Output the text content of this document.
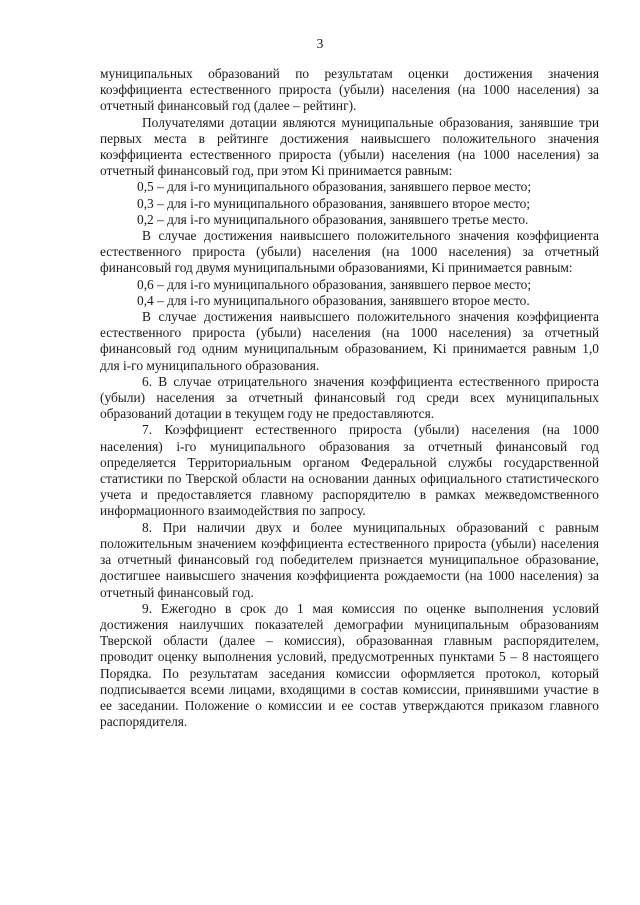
3

муниципальных образований по результатам оценки достижения значения коэффициента естественного прироста (убыли) населения (на 1000 населения) за отчетный финансовый год (далее – рейтинг).

Получателями дотации являются муниципальные образования, занявшие три первых места в рейтинге достижения наивысшего положительного значения коэффициента естественного прироста (убыли) населения (на 1000 населения) за отчетный финансовый год, при этом Ki принимается равным:

0,5 – для i-го муниципального образования, занявшего первое место;

0,3 – для i-го муниципального образования, занявшего второе место;

0,2 – для i-го муниципального образования, занявшего третье место.

В случае достижения наивысшего положительного значения коэффициента естественного прироста (убыли) населения (на 1000 населения) за отчетный финансовый год двумя муниципальными образованиями, Ki принимается равным:

0,6 – для i-го муниципального образования, занявшего первое место;

0,4 – для i-го муниципального образования, занявшего второе место.

В случае достижения наивысшего положительного значения коэффициента естественного прироста (убыли) населения (на 1000 населения) за отчетный финансовый год одним муниципальным образованием, Ki принимается равным 1,0 для i-го муниципального образования.

6. В случае отрицательного значения коэффициента естественного прироста (убыли) населения за отчетный финансовый год среди всех муниципальных образований дотации в текущем году не предоставляются.

7. Коэффициент естественного прироста (убыли) населения (на 1000 населения) i-го муниципального образования за отчетный финансовый год определяется Территориальным органом Федеральной службы государственной статистики по Тверской области на основании данных официального статистического учета и предоставляется главному распорядителю в рамках межведомственного информационного взаимодействия по запросу.

8. При наличии двух и более муниципальных образований с равным положительным значением коэффициента естественного прироста (убыли) населения за отчетный финансовый год победителем признается муниципальное образование, достигшее наивысшего значения коэффициента рождаемости (на 1000 населения) за отчетный финансовый год.

9. Ежегодно в срок до 1 мая комиссия по оценке выполнения условий достижения наилучших показателей демографии муниципальным образованиям Тверской области (далее – комиссия), образованная главным распорядителем, проводит оценку выполнения условий, предусмотренных пунктами 5 – 8 настоящего Порядка. По результатам заседания комиссии оформляется протокол, который подписывается всеми лицами, входящими в состав комиссии, принявшими участие в ее заседании. Положение о комиссии и ее состав утверждаются приказом главного распорядителя.
